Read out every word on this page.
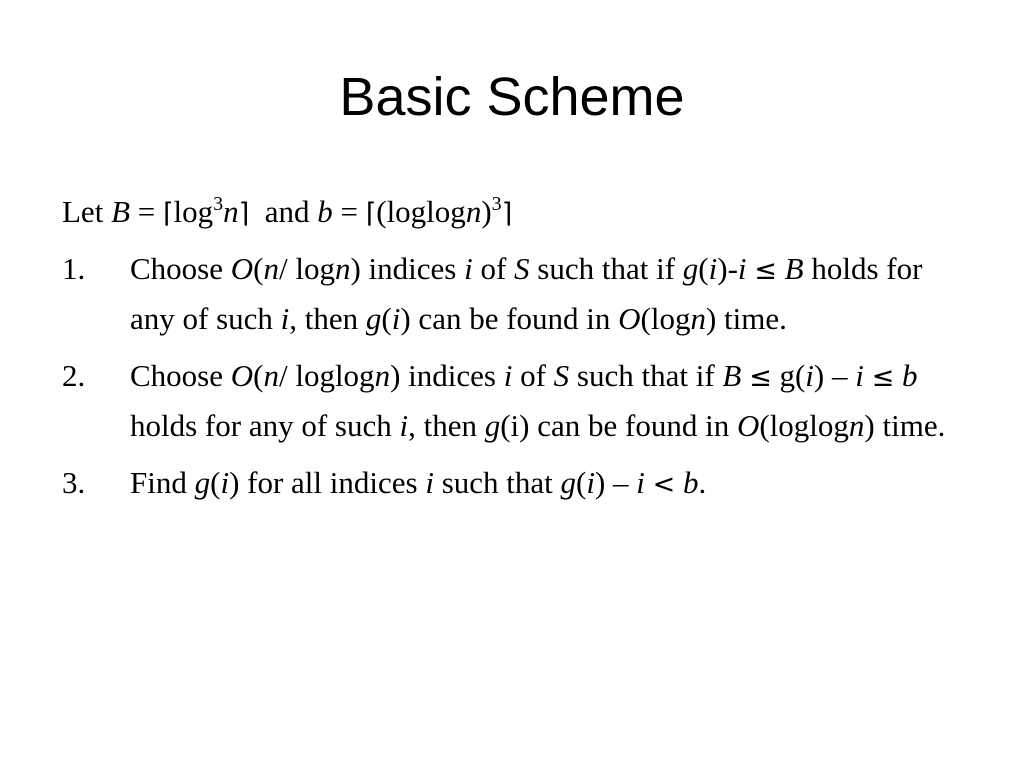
Basic Scheme

Let $B = ⌈\log^3n⌉$ and $b = ⌈(loglogn)^3⌉$

1. Choose O(n/ logn) indices i of S such that if g(i)-i ≤ B holds for any of such i, then g(i) can be found in O(logn) time.
2. Choose O(n/ loglogn) indices i of S such that if B ≤ g(i) – i ≤ b holds for any of such i, then g(i) can be found in O(loglogn) time.
3. Find g(i) for all indices i such that g(i) – i < b.
